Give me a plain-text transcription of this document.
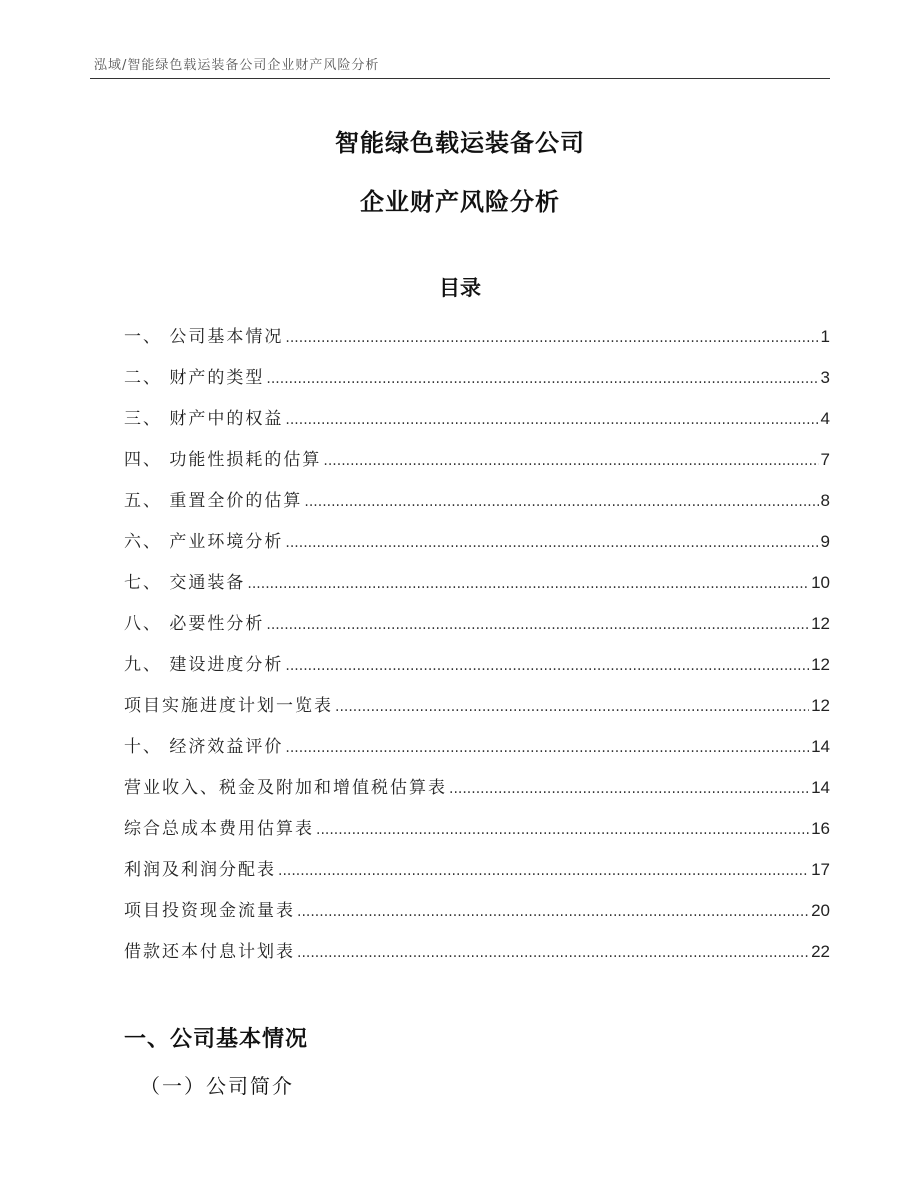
泓域/智能绿色载运装备公司企业财产风险分析
智能绿色载运装备公司
企业财产风险分析
目录
一、 公司基本情况 .....	1
二、 财产的类型 .....	3
三、 财产中的权益 .....	4
四、 功能性损耗的估算 .....	7
五、 重置全价的估算 .....	8
六、 产业环境分析 .....	9
七、 交通装备 .....	10
八、 必要性分析 .....	12
九、 建设进度分析 .....	12
项目实施进度计划一览表 .....	12
十、 经济效益评价 .....	14
营业收入、税金及附加和增值税估算表 .....	14
综合总成本费用估算表 .....	16
利润及利润分配表 .....	17
项目投资现金流量表 .....	20
借款还本付息计划表 .....	22
一、公司基本情况
（一）公司简介
